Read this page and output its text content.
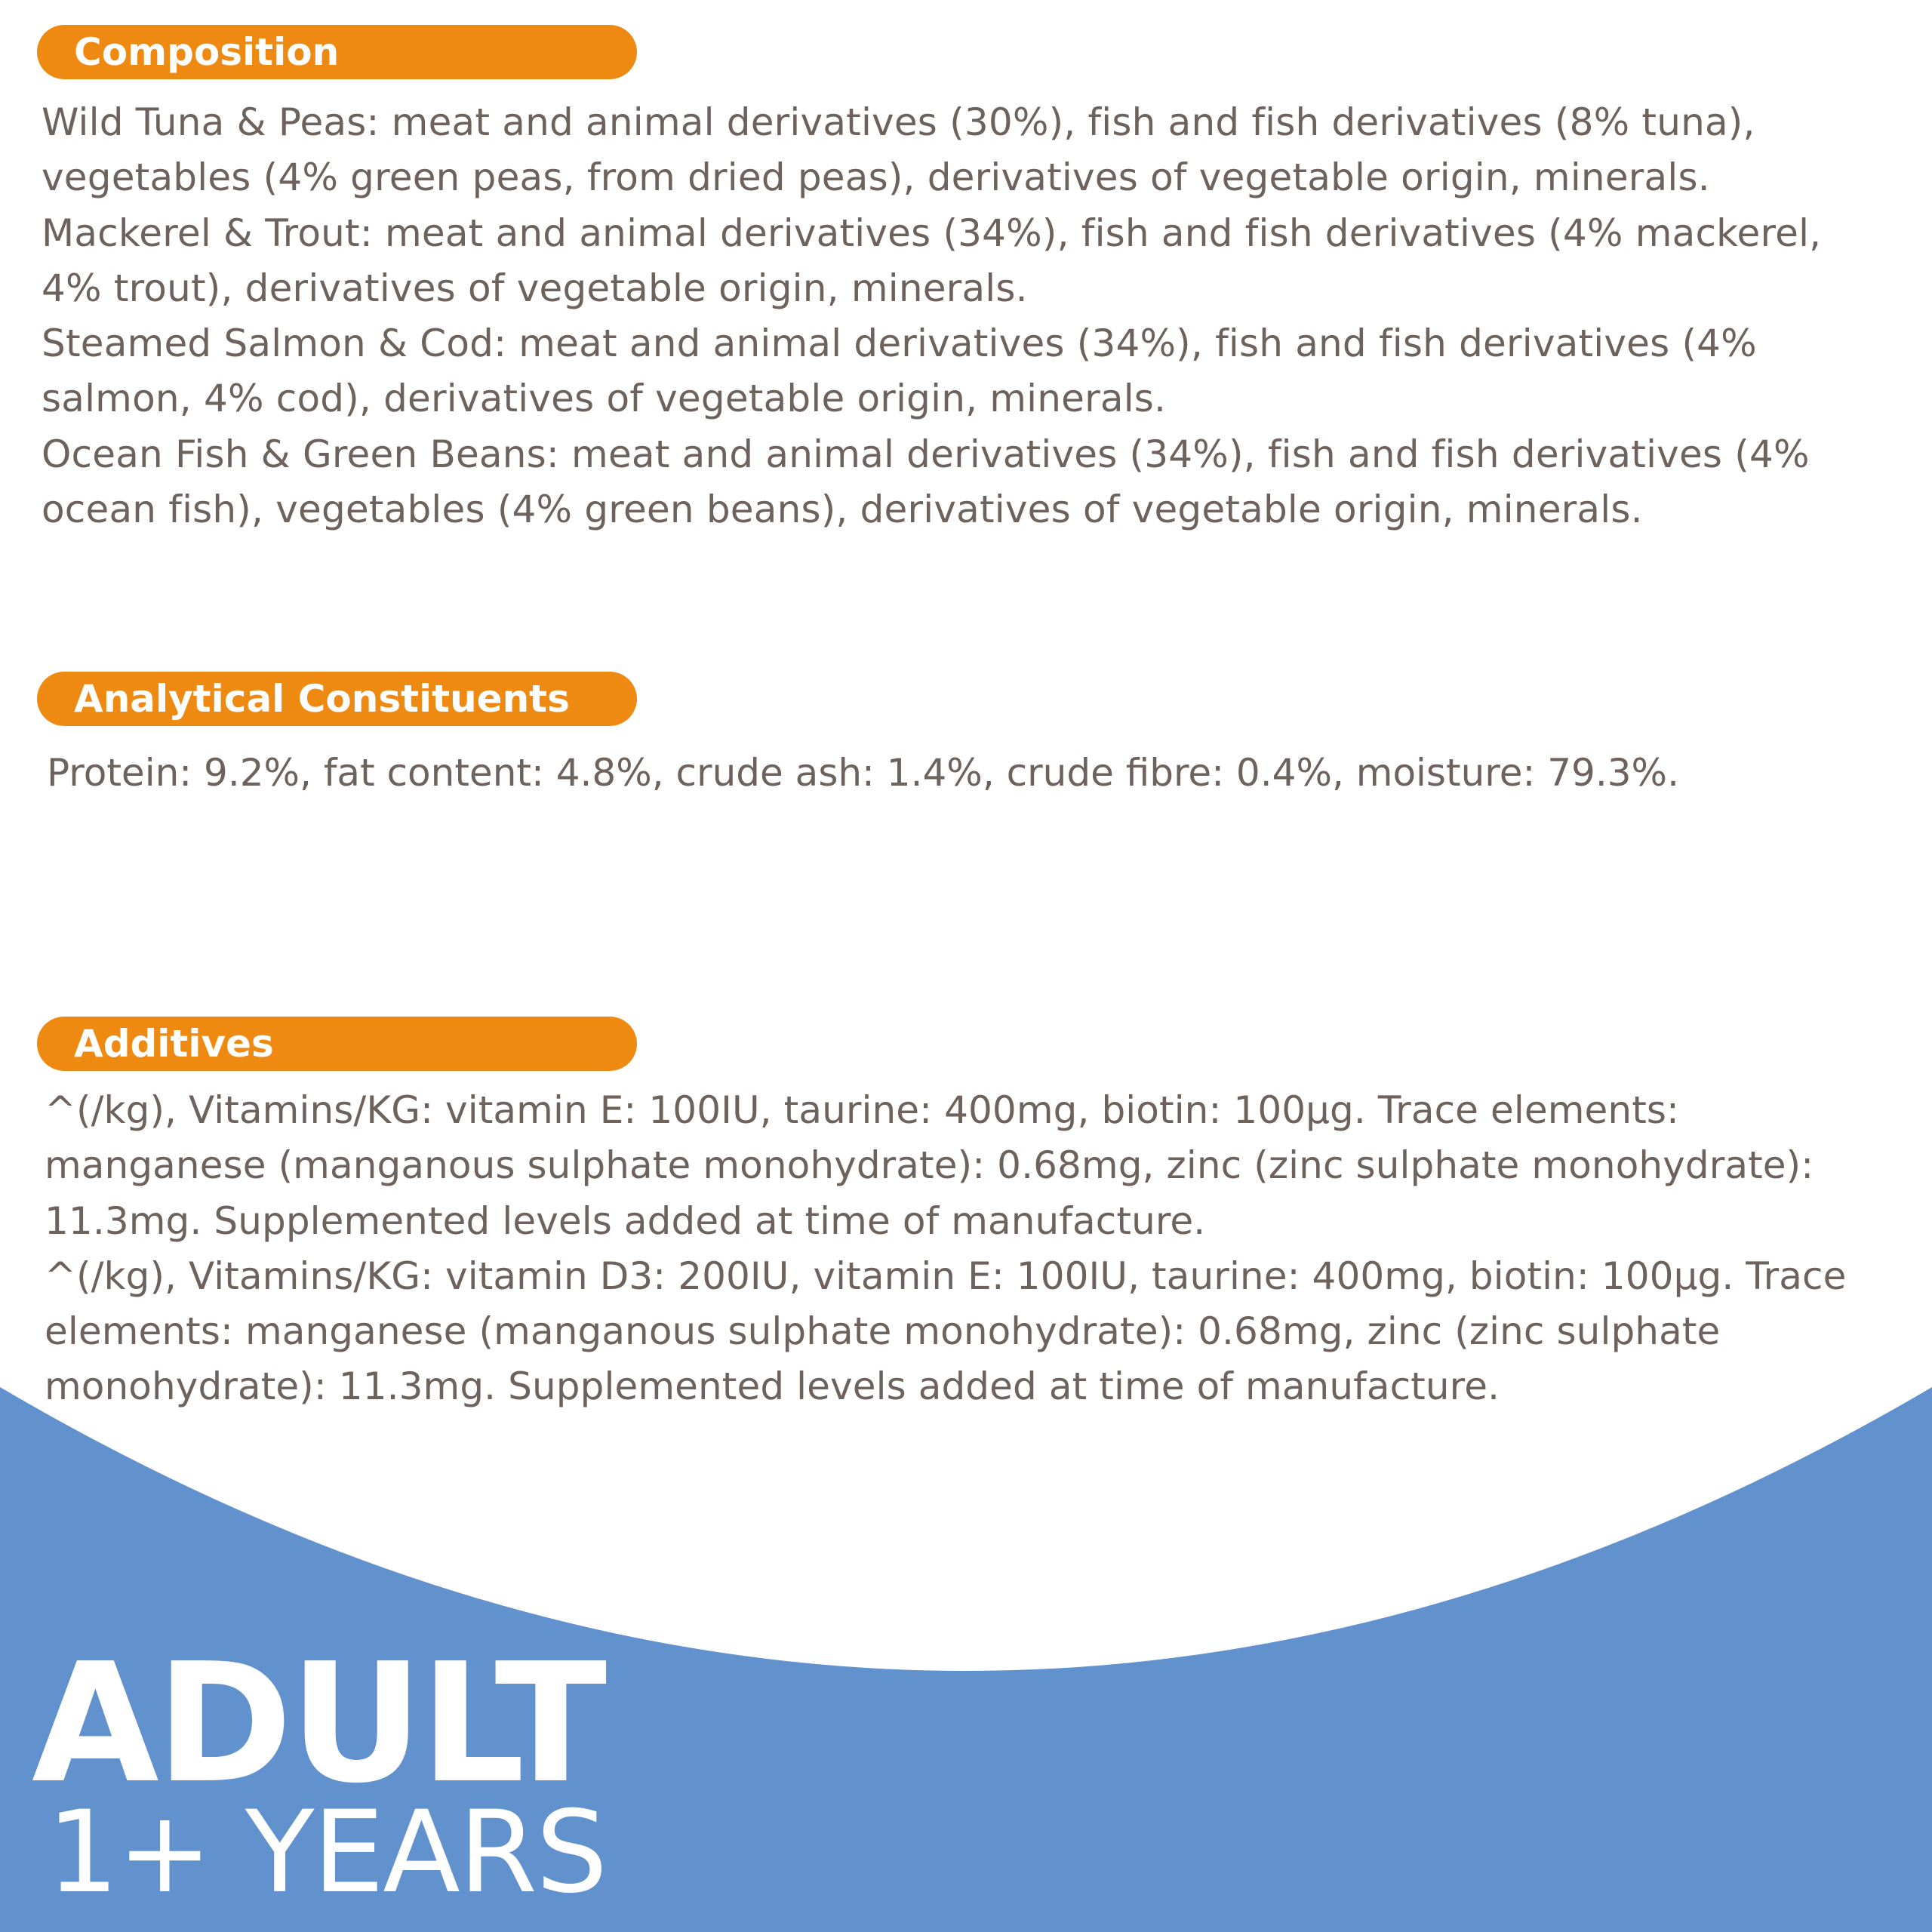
Composition

Wild Tuna & Peas: meat and animal derivatives (30%), fish and fish derivatives (8% tuna),

vegetables (4% green peas, from dried peas), derivatives of vegetable origin, minerals.

Mackerel & Trout: meat and animal derivatives (34%), fish and fish derivatives (4% mackerel,

4% trout), derivatives of vegetable origin, minerals.

Steamed Salmon & Cod: meat and animal derivatives (34%), fish and fish derivatives (4%

salmon, 4% cod), derivatives of vegetable origin, minerals.

Ocean Fish & Green Beans: meat and animal derivatives (34%), fish and fish derivatives (4%

ocean fish), vegetables (4% green beans), derivatives of vegetable origin, minerals.

Analytical Constituents

Protein: 9.2%, fat content: 4.8%, crude ash: 1.4%, crude fibre: 0.4%, moisture: 79.3%.

Additives

^(/kg), Vitamins/KG: vitamin E: 100IU, taurine: 400mg, biotin: 100µg. Trace elements:

manganese (manganous sulphate monohydrate): 0.68mg, zinc (zinc sulphate monohydrate):

11.3mg. Supplemented levels added at time of manufacture.

^(/kg), Vitamins/KG: vitamin D3: 200IU, vitamin E: 100IU, taurine: 400mg, biotin: 100µg. Trace

elements: manganese (manganous sulphate monohydrate): 0.68mg, zinc (zinc sulphate

monohydrate): 11.3mg. Supplemented levels added at time of manufacture.

ADULT
1+ YEARS
